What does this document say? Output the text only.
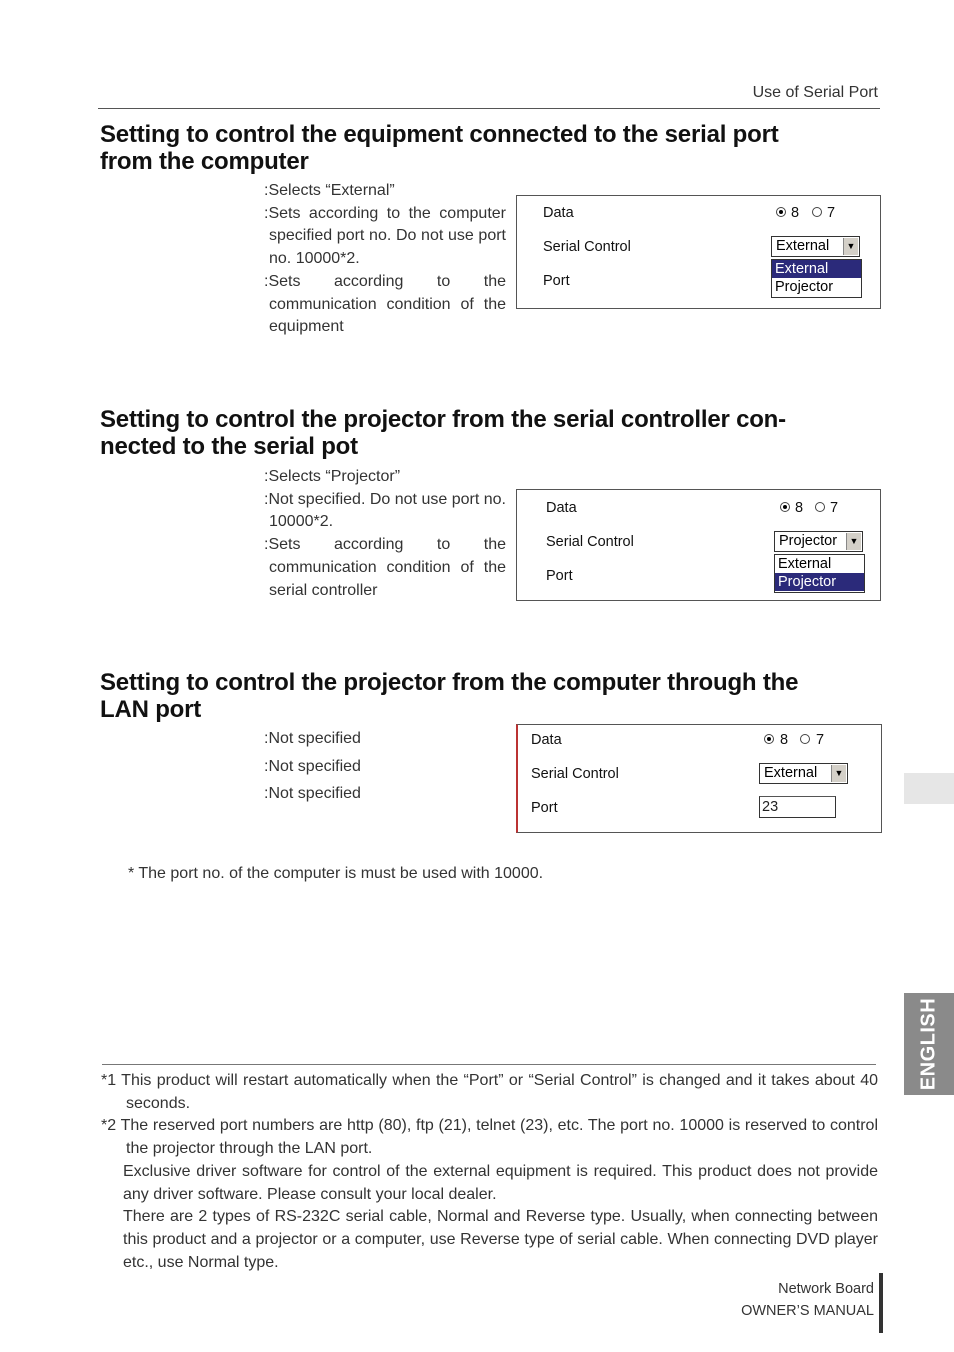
Use of Serial Port
Setting to control the equipment connected to the serial port
from the computer

:Selects “External”

:Sets according to the computer specified port no. Do not use port no. 10000*2.

:Sets according to the communication condition of the equipment

Data	8 7
Serial Control	External	▼
Port
External
Projector
Setting to control the projector from the serial controller con-
nected to the serial pot

:Selects “Projector”

:Not specified. Do not use port no. 10000*2.

:Sets according to the communication condition of the serial controller

Data	8 7
Serial Control	Projector	▼
Port
External
Projector
Setting to control the projector from the computer through the
LAN port

:Not specified

:Not specified

:Not specified

Data	8 7
Serial Control	External	▼
Port	23
* The port no. of the computer is must be used with 10000.

*1 This product will restart automatically when the “Port” or “Serial Control” is changed and it takes about 40 seconds.

*2 The reserved port numbers are http (80), ftp (21), telnet (23), etc. The port no. 10000 is reserved to control the projector through the LAN port.

Exclusive driver software for control of the external equipment is required. This product does not provide any driver software. Please consult your local dealer.

There are 2 types of RS-232C serial cable, Normal and Reverse type. Usually, when connecting between this product and a projector or a computer, use Reverse type of serial cable. When connecting DVD player etc., use Normal type.

ENGLISH
Network Board
OWNER’S MANUAL
